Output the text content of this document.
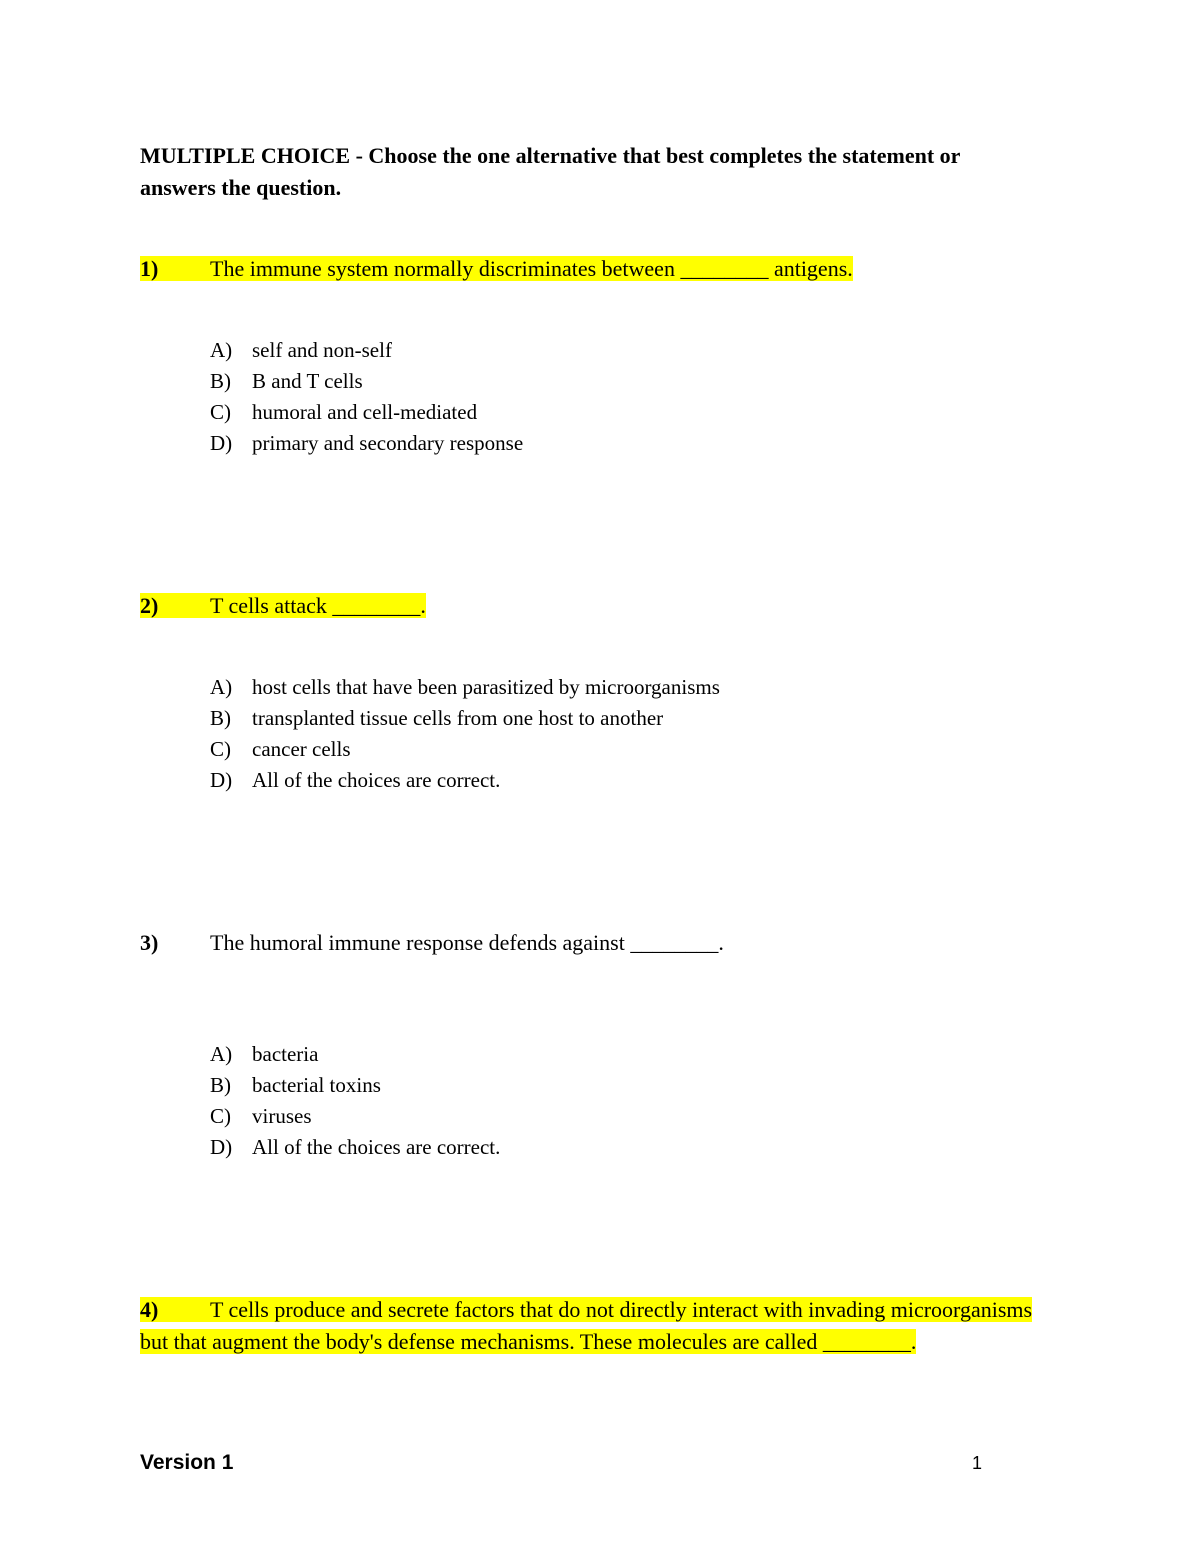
MULTIPLE CHOICE - Choose the one alternative that best completes the statement or answers the question.
1) The immune system normally discriminates between ________ antigens.
A) self and non-self
B) B and T cells
C) humoral and cell-mediated
D) primary and secondary response
2) T cells attack ________.
A) host cells that have been parasitized by microorganisms
B) transplanted tissue cells from one host to another
C) cancer cells
D) All of the choices are correct.
3) The humoral immune response defends against ________.
A) bacteria
B) bacterial toxins
C) viruses
D) All of the choices are correct.
4) T cells produce and secrete factors that do not directly interact with invading microorganisms but that augment the body's defense mechanisms. These molecules are called ________.
Version 1	1
